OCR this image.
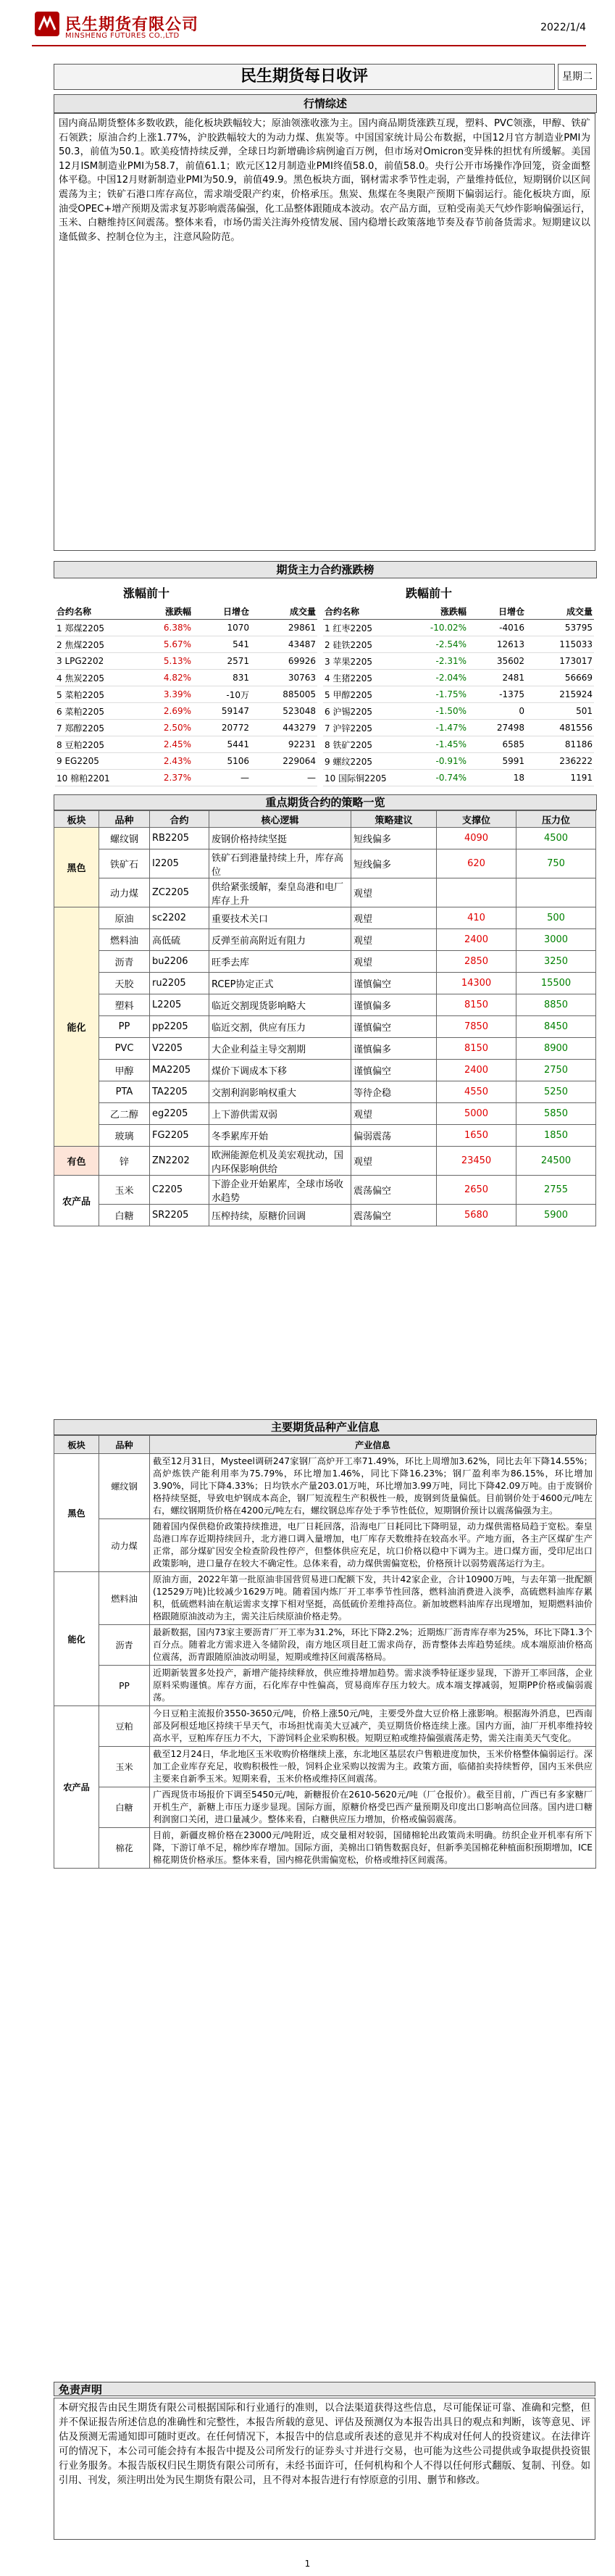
民生期货有限公司
MINSHENG FUTURES CO.,LTD
2022/1/4
民生期货每日收评	星期二
行情综述
国内商品期货整体多数收跌，能化板块跌幅较大；原油领涨收涨为主。国内商品期货涨跌互现，塑料、PVC领涨，甲醇、铁矿石领跌；原油合约上涨1.77%，沪胶跌幅较大的为动力煤、焦炭等。中国国家统计局公布数据，中国12月官方制造业PMI为50.3，前值为50.1。欧美疫情持续反弹，全球日均新增确诊病例逾百万例，但市场对Omicron变异株的担忧有所缓解。美国12月ISM制造业PMI为58.7，前值61.1；欧元区12月制造业PMI终值58.0，前值58.0。央行公开市场操作净回笼，资金面整体平稳。中国12月财新制造业PMI为50.9，前值49.9。黑色板块方面，钢材需求季节性走弱，产量维持低位，短期钢价以区间震荡为主；铁矿石港口库存高位，需求端受限产约束，价格承压。焦炭、焦煤在冬奥限产预期下偏弱运行。能化板块方面，原油受OPEC+增产预期及需求复苏影响震荡偏强，化工品整体跟随成本波动。农产品方面，豆粕受南美天气炒作影响偏强运行，玉米、白糖维持区间震荡。整体来看，市场仍需关注海外疫情发展、国内稳增长政策落地节奏及春节前备货需求。短期建议以逢低做多、控制仓位为主，注意风险防范。
期货主力合约涨跌榜
涨幅前十	跌幅前十
合约名称	涨跌幅	日增仓	成交量
1 郑煤2205	6.38%	1070	29861
2 焦煤2205	5.67%	541	43487
3 LPG2202	5.13%	2571	69926
4 焦炭2205	4.82%	831	30763
5 菜粕2205	3.39%	-10万	885005
6 菜粕2205	2.69%	59147	523048
7 郑醇2205	2.50%	20772	443279
8 豆粕2205	2.45%	5441	92231
9 EG2205	2.43%	5106	229064
10 棉粕2201	2.37%	—	—
合约名称	涨跌幅	日增仓	成交量
1 红枣2205	-10.02%	-4016	53795
2 硅铁2205	-2.54%	12613	115033
3 苹果2205	-2.31%	35602	173017
4 生猪2205	-2.04%	2481	56669
5 甲醇2205	-1.75%	-1375	215924
6 沪锡2205	-1.50%	0	501
7 沪锌2205	-1.47%	27498	481556
8 铁矿2205	-1.45%	6585	81186
9 螺纹2205	-0.91%	5991	236222
10 国际铜2205	-0.74%	18	1191
重点期货合约的策略一览
板块	品种	合约	核心逻辑	策略建议	支撑位	压力位
黑色	螺纹钢	RB2205	废钢价格持续坚挺	短线偏多	4090	4500
	铁矿石	I2205	铁矿石到港量持续上升，库存高位	短线偏多	620	750
	动力煤	ZC2205	供给紧张缓解，秦皇岛港和电厂库存上升	观望		
能化	原油	sc2202	重要技术关口	观望	410	500
	燃料油	高低硫	反弹至前高附近有阻力	观望	2400	3000
	沥青	bu2206	旺季去库	观望	2850	3250
	天胶	ru2205	RCEP协定正式	谨慎偏空	14300	15500
	塑料	L2205	临近交割现货影响略大	谨慎偏多	8150	8850
	PP	pp2205	临近交割，供应有压力	谨慎偏空	7850	8450
	PVC	V2205	大企业利益主导交割期	谨慎偏多	8150	8900
	甲醇	MA2205	煤价下调成本下移	谨慎偏空	2400	2750
	PTA	TA2205	交割利润影响权重大	等待企稳	4550	5250
	乙二醇	eg2205	上下游供需双弱	观望	5000	5850
	玻璃	FG2205	冬季累库开始	偏弱震荡	1650	1850
有色	锌	ZN2202	欧洲能源危机及美宏观扰动，国内环保影响供给	观望	23450	24500
农产品	玉米	C2205	下游企业开始累库，全球市场收水趋势	震荡偏空	2650	2755
	白糖	SR2205	压榨持续，原糖价回调	震荡偏空	5680	5900
主要期货品种产业信息
板块	品种	产业信息
黑色	螺纹钢	截至12月31日，Mysteel调研247家钢厂高炉开工率71.49%，环比上周增加3.62%，同比去年下降14.55%；高炉炼铁产能利用率为75.79%，环比增加1.46%，同比下降16.23%；钢厂盈利率为86.15%，环比增加3.90%，同比下降4.33%；日均铁水产量203.01万吨，环比增加3.99万吨，同比下降42.09万吨。由于废钢价格持续坚挺，导致电炉钢成本高企，钢厂短流程生产积极性一般，废钢到货量偏低。目前钢价处于4600元/吨左右，螺纹钢期货价格在4200元/吨左右，螺纹钢总库存处于季节性低位，短期钢价预计以震荡偏强为主。
	动力煤	随着国内保供稳价政策持续推进，电厂日耗回落，沿海电厂日耗同比下降明显，动力煤供需格局趋于宽松。秦皇岛港口库存近期持续回升，北方港口调入量增加，电厂库存天数维持在较高水平。产地方面，各主产区煤矿生产正常，部分煤矿因安全检查阶段性停产，但整体供应充足，坑口价格以稳中下调为主。进口煤方面，受印尼出口政策影响，进口量存在较大不确定性。总体来看，动力煤供需偏宽松，价格预计以弱势震荡运行为主。
能化	燃料油	原油方面，2022年第一批原油非国营贸易进口配额下发，共计42家企业，合计10900万吨，与去年第一批配额(12529万吨)比较减少1629万吨。随着国内炼厂开工率季节性回落，燃料油消费进入淡季，高硫燃料油库存累积，低硫燃料油在航运需求支撑下相对坚挺，高低硫价差维持高位。新加坡燃料油库存出现增加，短期燃料油价格跟随原油波动为主，需关注后续原油价格走势。
	沥青	最新数据，国内73家主要沥青厂开工率为31.2%，环比下降2.2%；近期炼厂沥青库存率为25%，环比下降1.3个百分点。随着北方需求进入冬储阶段，南方地区项目赶工需求尚存，沥青整体去库趋势延续。成本端原油价格高位震荡，沥青跟随原油波动明显，短期或维持区间震荡格局。
	PP	近期新装置多处投产，新增产能持续释放，供应维持增加趋势。需求淡季特征逐步显现，下游开工率回落，企业原料采购谨慎。库存方面，石化库存中性偏高，贸易商库存压力较大。成本端支撑减弱，短期PP价格或偏弱震荡。
农产品	豆粕	今日豆粕主流报价3550-3650元/吨，价格上涨50元/吨，主要受外盘大豆价格上涨影响。根据海外消息，巴西南部及阿根廷地区持续干旱天气，市场担忧南美大豆减产，美豆期货价格连续上涨。国内方面，油厂开机率维持较高水平，豆粕库存压力不大，下游饲料企业采购积极。短期豆粕或维持偏强震荡走势，需关注南美天气变化。
	玉米	截至12月24日，华北地区玉米收购价格继续上涨，东北地区基层农户售粮进度加快，玉米价格整体偏弱运行。深加工企业库存充足，收购积极性一般，饲料企业采购以按需为主。政策方面，临储拍卖持续暂停，国内玉米供应主要来自新季玉米。短期来看，玉米价格或维持区间震荡。
	白糖	广西现货市场报价下调至5450元/吨，新糖报价在2610-5620元/吨（厂仓报价）。截至目前，广西已有多家糖厂开机生产，新糖上市压力逐步显现。国际方面，原糖价格受巴西产量预期及印度出口影响高位回落。国内进口糖利润窗口关闭，进口量减少。整体来看，白糖供应压力增加，价格或偏弱震荡。
	棉花	目前，新疆皮棉价格在23000元/吨附近，成交量相对较弱，国储棉轮出政策尚未明确。纺织企业开机率有所下降，下游订单不足，棉纱库存增加。国际方面，美棉出口销售数据良好，但新季美国棉花种植面积预期增加，ICE棉花期货价格承压。整体来看，国内棉花供需偏宽松，价格或维持区间震荡。
免责声明
本研究报告由民生期货有限公司根据国际和行业通行的准则，以合法渠道获得这些信息，尽可能保证可靠、准确和完整，但并不保证报告所述信息的准确性和完整性，本报告所载的意见、评估及预测仅为本报告出具日的观点和判断，该等意见、评估及预测无需通知即可随时更改。在任何情况下，本报告中的信息或所表述的意见并不构成对任何人的投资建议。在法律许可的情况下，本公司可能会持有本报告中提及公司所发行的证券头寸并进行交易，也可能为这些公司提供或争取提供投资银行业务服务。本报告版权归民生期货有限公司所有，未经书面许可，任何机构和个人不得以任何形式翻版、复制、刊登。如引用、刊发，须注明出处为民生期货有限公司，且不得对本报告进行有悖原意的引用、删节和修改。
1
